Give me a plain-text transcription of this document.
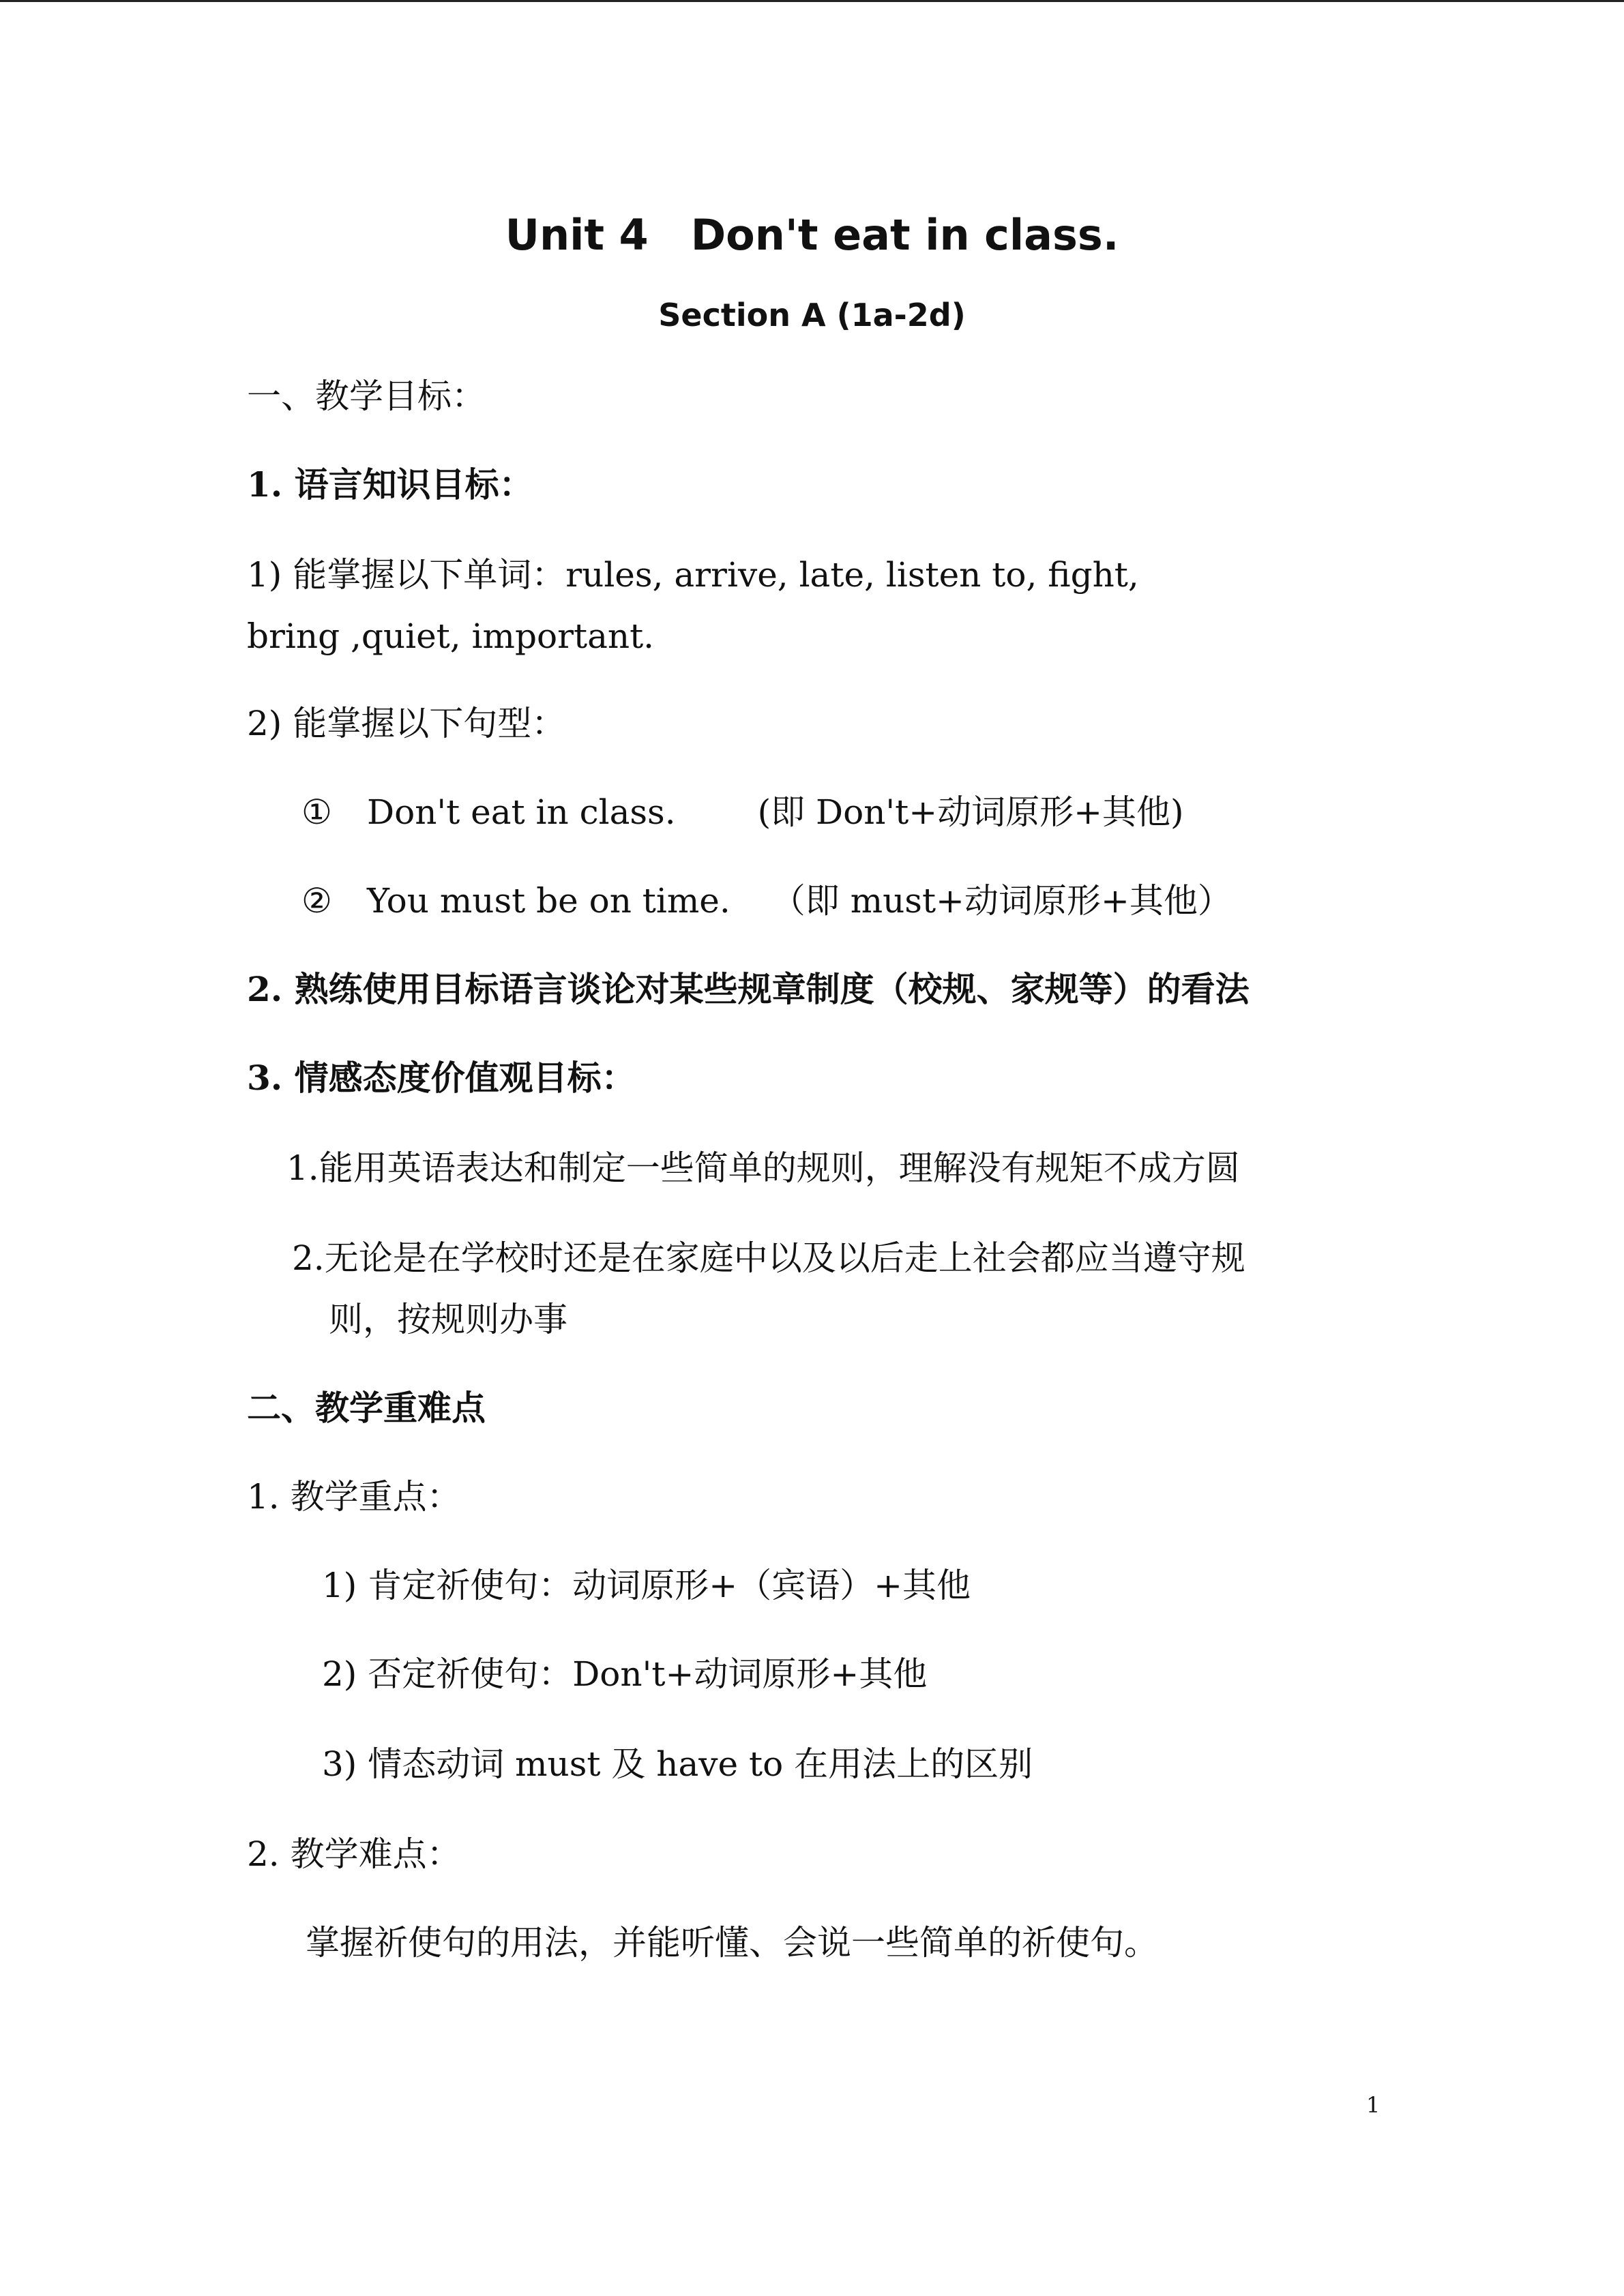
Unit 4　Don't eat in class.
Section A (1a-2d)
一、教学目标：
1. 语言知识目标：
1) 能掌握以下单词：rules, arrive, late, listen to, fight,
bring ,quiet, important.
2) 能掌握以下句型：
① Don't eat in class. (即 Don't+动词原形+其他)
② You must be on time. （即 must+动词原形+其他）
2. 熟练使用目标语言谈论对某些规章制度（校规、家规等）的看法
3. 情感态度价值观目标：
1.能用英语表达和制定一些简单的规则，理解没有规矩不成方圆
2.无论是在学校时还是在家庭中以及以后走上社会都应当遵守规
则，按规则办事
二、教学重难点
1. 教学重点：
1) 肯定祈使句：动词原形+（宾语）+其他
2) 否定祈使句：Don't+动词原形+其他
3) 情态动词 must 及 have to 在用法上的区别
2. 教学难点：
掌握祈使句的用法，并能听懂、会说一些简单的祈使句。
1
